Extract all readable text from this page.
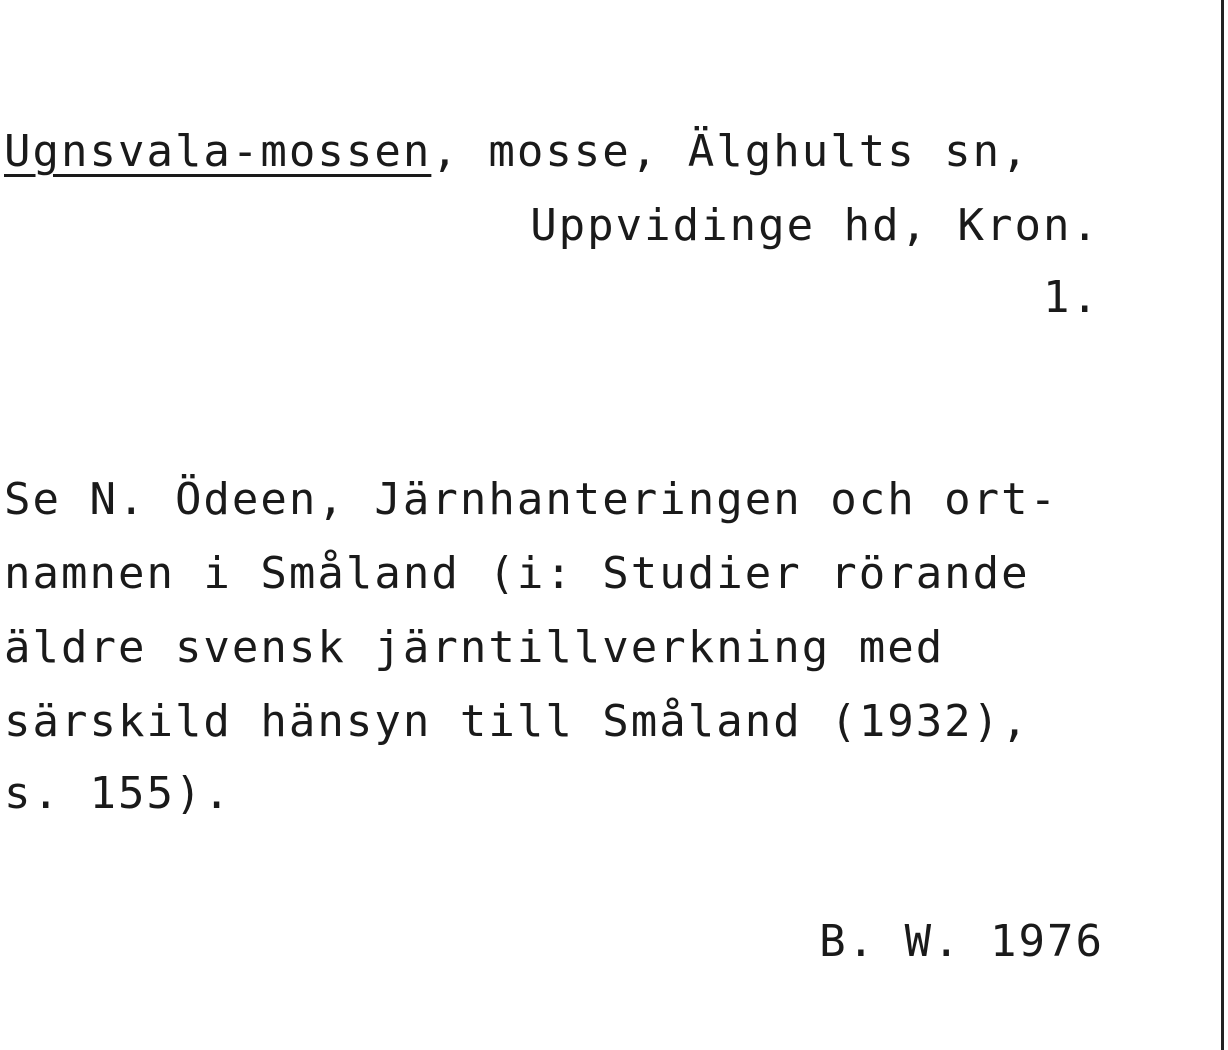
Ugnsvala-mossen, mosse, Älghults sn,
Uppvidinge hd, Kron.
1.
Se N. Ödeen, Järnhanteringen och ort-
namnen i Småland (i: Studier rörande
äldre svensk järntillverkning med
särskild hänsyn till Småland (1932),
s. 155).
B. W. 1976
